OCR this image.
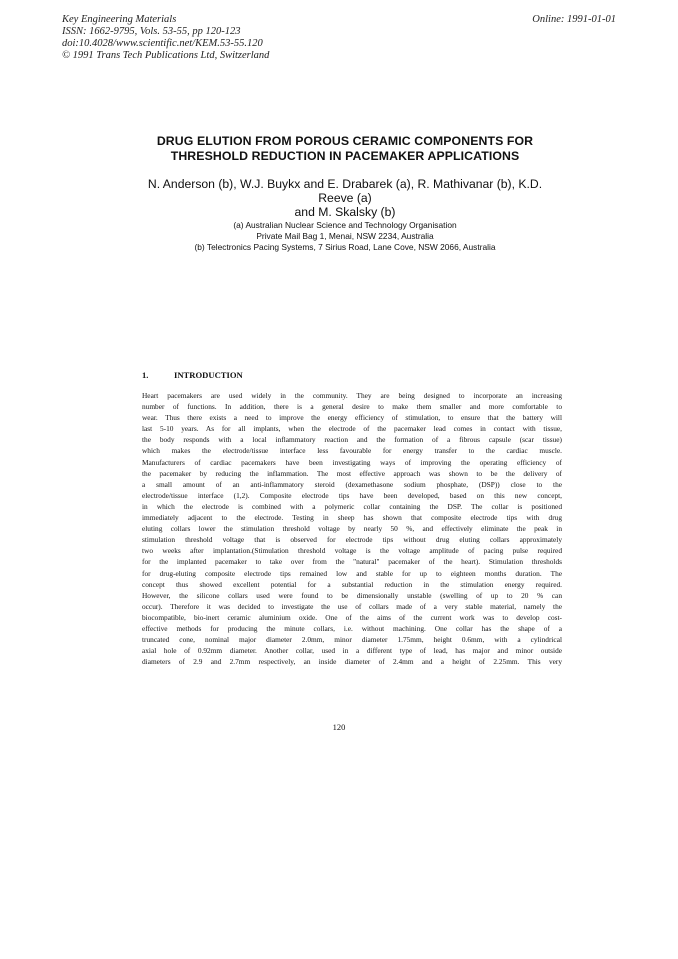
Key Engineering Materials
ISSN: 1662-9795, Vols. 53-55, pp 120-123
doi:10.4028/www.scientific.net/KEM.53-55.120
© 1991 Trans Tech Publications Ltd, Switzerland
Online: 1991-01-01
DRUG ELUTION FROM POROUS CERAMIC COMPONENTS FOR
THRESHOLD REDUCTION IN PACEMAKER APPLICATIONS
N. Anderson (b), W.J. Buykx and E. Drabarek (a), R. Mathivanar (b), K.D.
Reeve (a)
and M. Skalsky (b)
(a) Australian Nuclear Science and Technology Organisation
Private Mail Bag 1, Menai, NSW 2234, Australia
(b) Telectronics Pacing Systems, 7 Sirius Road, Lane Cove, NSW 2066, Australia
1.	INTRODUCTION
Heart pacemakers are used widely in the community. They are being designed to incorporate an increasing
number of functions. In addition, there is a general desire to make them smaller and more comfortable to
wear. Thus there exists a need to improve the energy efficiency of stimulation, to ensure that the battery will
last 5-10 years. As for all implants, when the electrode of the pacemaker lead comes in contact with tissue,
the body responds with a local inflammatory reaction and the formation of a fibrous capsule (scar tissue)
which makes the electrode/tissue interface less favourable for energy transfer to the cardiac muscle.
Manufacturers of cardiac pacemakers have been investigating ways of improving the operating efficiency of
the pacemaker by reducing the inflammation. The most effective approach was shown to be the delivery of
a small amount of an anti-inflammatory steroid (dexamethasone sodium phosphate, (DSP)) close to the
electrode/tissue interface (1,2). Composite electrode tips have been developed, based on this new concept,
in which the electrode is combined with a polymeric collar containing the DSP. The collar is positioned
immediately adjacent to the electrode. Testing in sheep has shown that composite electrode tips with drug
eluting collars lower the stimulation threshold voltage by nearly 50 %, and effectively eliminate the peak in
stimulation threshold voltage that is observed for electrode tips without drug eluting collars approximately
two weeks after implantation.(Stimulation threshold voltage is the voltage amplitude of pacing pulse required
for the implanted pacemaker to take over from the "natural" pacemaker of the heart). Stimulation thresholds
for drug-eluting composite electrode tips remained low and stable for up to eighteen months duration. The
concept thus showed excellent potential for a substantial reduction in the stimulation energy required.
However, the silicone collars used were found to be dimensionally unstable (swelling of up to 20 % can
occur). Therefore it was decided to investigate the use of collars made of a very stable material, namely the
biocompatible, bio-inert ceramic aluminium oxide. One of the aims of the current work was to develop cost-
effective methods for producing the minute collars, i.e. without machining. One collar has the shape of a
truncated cone, nominal major diameter 2.0mm, minor diameter 1.75mm, height 0.6mm, with a cylindrical
axial hole of 0.92mm diameter. Another collar, used in a different type of lead, has major and minor outside
diameters of 2.9 and 2.7mm respectively, an inside diameter of 2.4mm and a height of 2.25mm. This very
120
